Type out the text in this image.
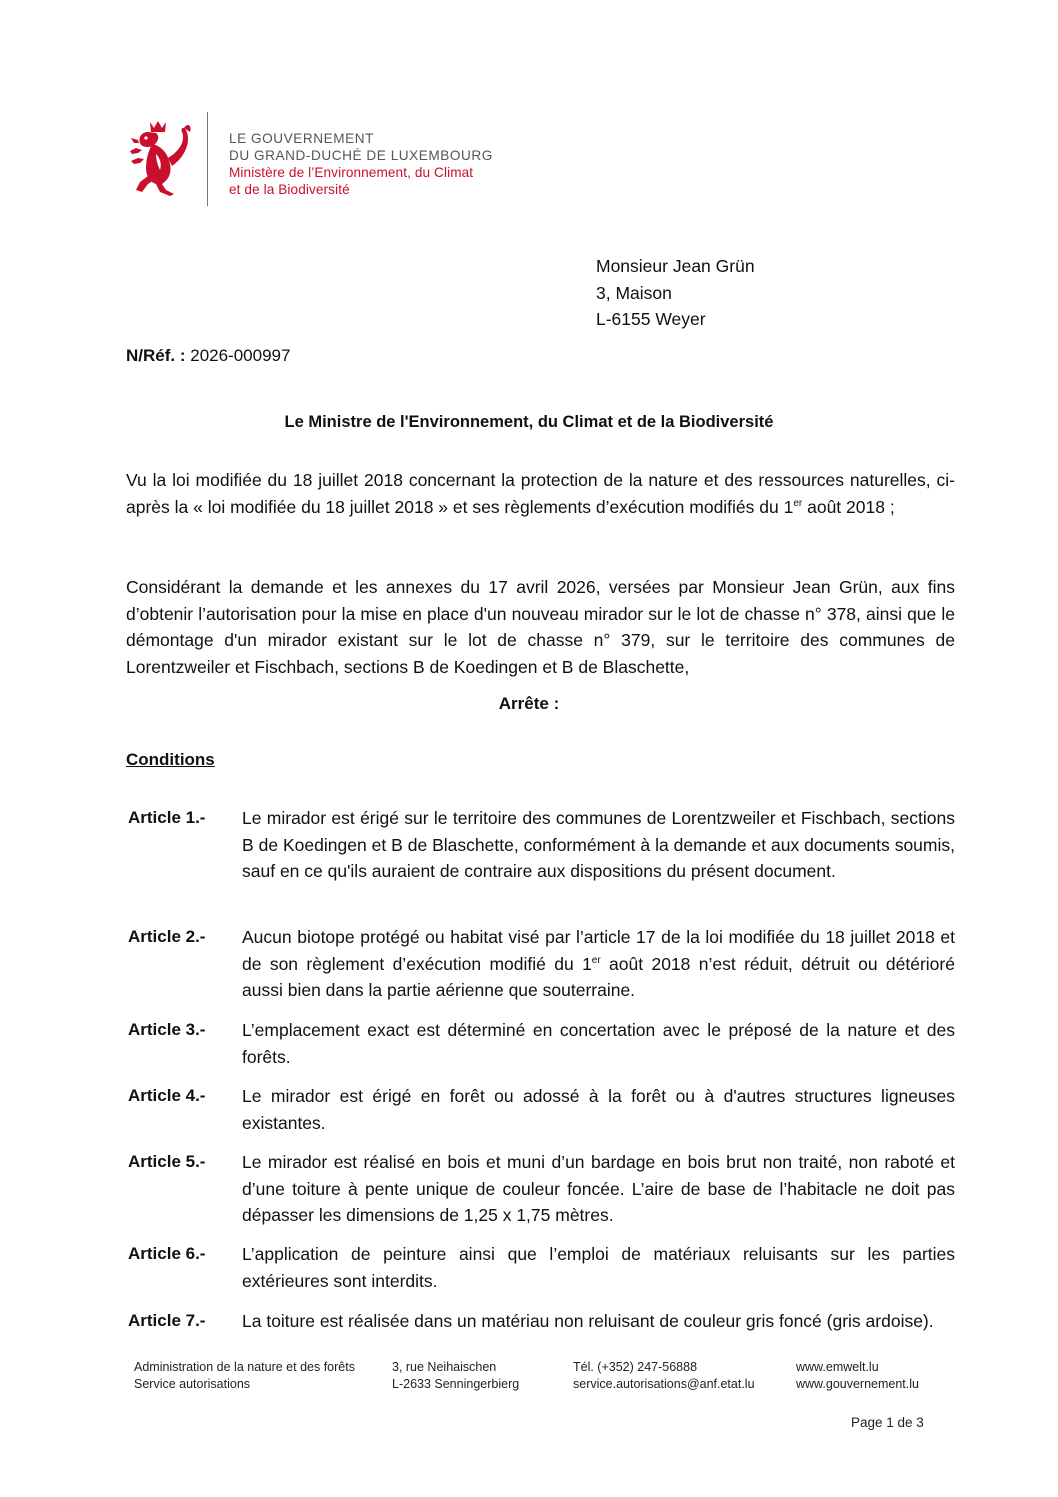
LE GOUVERNEMENT
DU GRAND-DUCHÉ DE LUXEMBOURG
Ministère de l’Environnement, du Climat
et de la Biodiversité
Monsieur Jean Grün
3, Maison
L-6155 Weyer
N/Réf. : 2026-000997
Le Ministre de l'Environnement, du Climat et de la Biodiversité
Vu la loi modifiée du 18 juillet 2018 concernant la protection de la nature et des ressources naturelles, ci-après la « loi modifiée du 18 juillet 2018 » et ses règlements d’exécution modifiés du 1er août 2018 ;
Considérant la demande et les annexes du 17 avril 2026, versées par Monsieur Jean Grün, aux fins d’obtenir l’autorisation pour la mise en place d'un nouveau mirador sur le lot de chasse n° 378, ainsi que le démontage d'un mirador existant sur le lot de chasse n° 379, sur le territoire des communes de Lorentzweiler et Fischbach, sections B de Koedingen et B de Blaschette,
Arrête :
Conditions
Article 1.- Le mirador est érigé sur le territoire des communes de Lorentzweiler et Fischbach, sections B de Koedingen et B de Blaschette, conformément à la demande et aux documents soumis, sauf en ce qu'ils auraient de contraire aux dispositions du présent document.
Article 2.- Aucun biotope protégé ou habitat visé par l’article 17 de la loi modifiée du 18 juillet 2018 et de son règlement d’exécution modifié du 1er août 2018 n’est réduit, détruit ou détérioré aussi bien dans la partie aérienne que souterraine.
Article 3.- L’emplacement exact est déterminé en concertation avec le préposé de la nature et des forêts.
Article 4.- Le mirador est érigé en forêt ou adossé à la forêt ou à d'autres structures ligneuses existantes.
Article 5.- Le mirador est réalisé en bois et muni d’un bardage en bois brut non traité, non raboté et d’une toiture à pente unique de couleur foncée. L’aire de base de l’habitacle ne doit pas dépasser les dimensions de 1,25 x 1,75 mètres.
Article 6.- L’application de peinture ainsi que l’emploi de matériaux reluisants sur les parties extérieures sont interdits.
Article 7.- La toiture est réalisée dans un matériau non reluisant de couleur gris foncé (gris ardoise).
Administration de la nature et des forêts
Service autorisations
3, rue Neihaischen
L-2633 Senningerbierg
Tél. (+352) 247-56888
service.autorisations@anf.etat.lu
www.emwelt.lu
www.gouvernement.lu
Page 1 de 3
